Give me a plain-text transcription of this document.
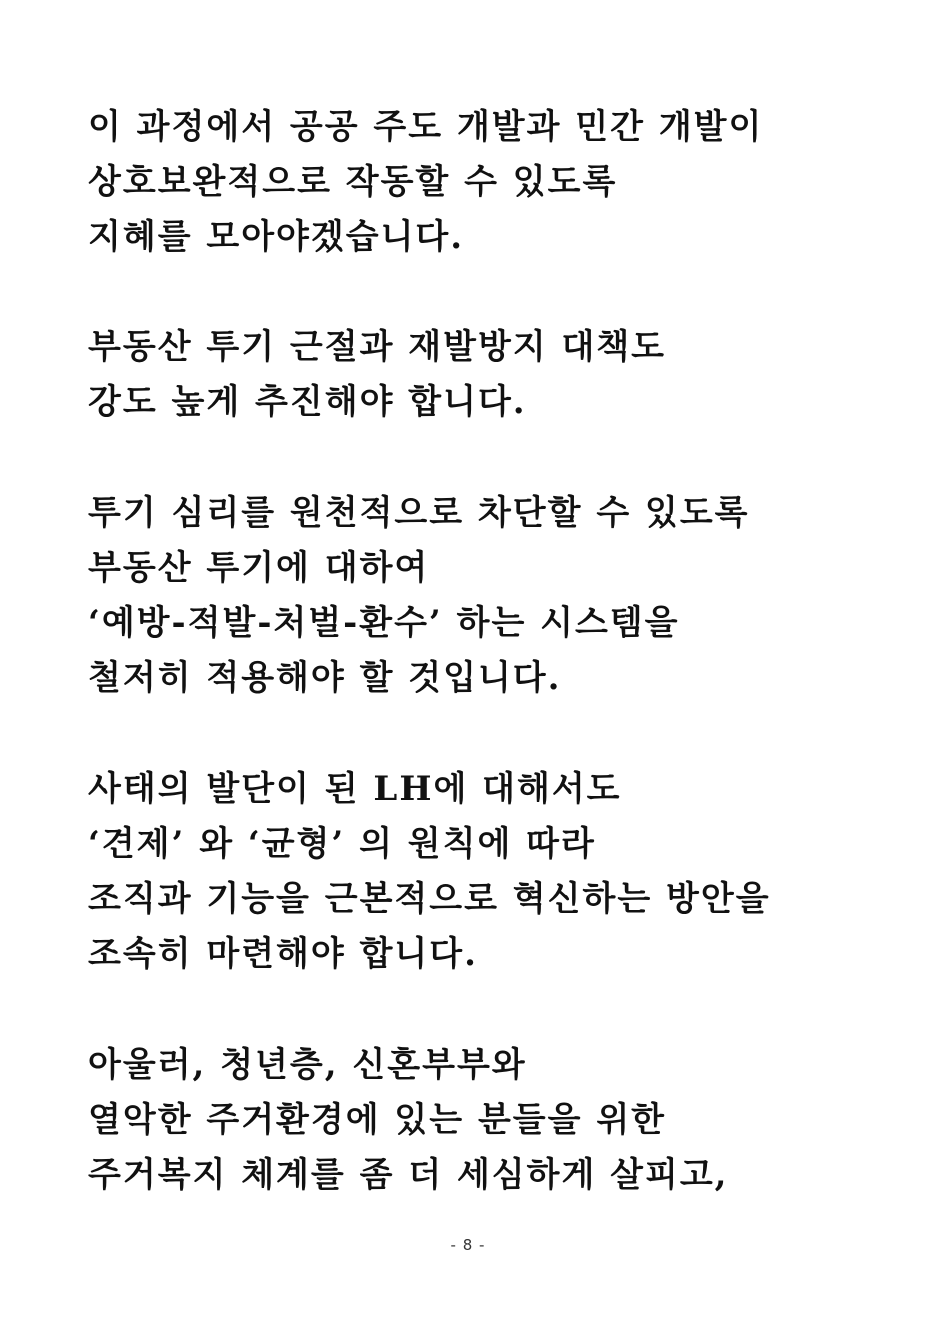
이 과정에서 공공 주도 개발과 민간 개발이
상호보완적으로 작동할 수 있도록
지혜를 모아야겠습니다.
부동산 투기 근절과 재발방지 대책도
강도 높게 추진해야 합니다.
투기 심리를 원천적으로 차단할 수 있도록
부동산 투기에 대하여
‘예방-적발-처벌-환수’ 하는 시스템을
철저히 적용해야 할 것입니다.
사태의 발단이 된 LH에 대해서도
‘견제’ 와 ‘균형’ 의 원칙에 따라
조직과 기능을 근본적으로 혁신하는 방안을
조속히 마련해야 합니다.
아울러, 청년층, 신혼부부와
열악한 주거환경에 있는 분들을 위한
주거복지 체계를 좀 더 세심하게 살피고,
- 8 -
